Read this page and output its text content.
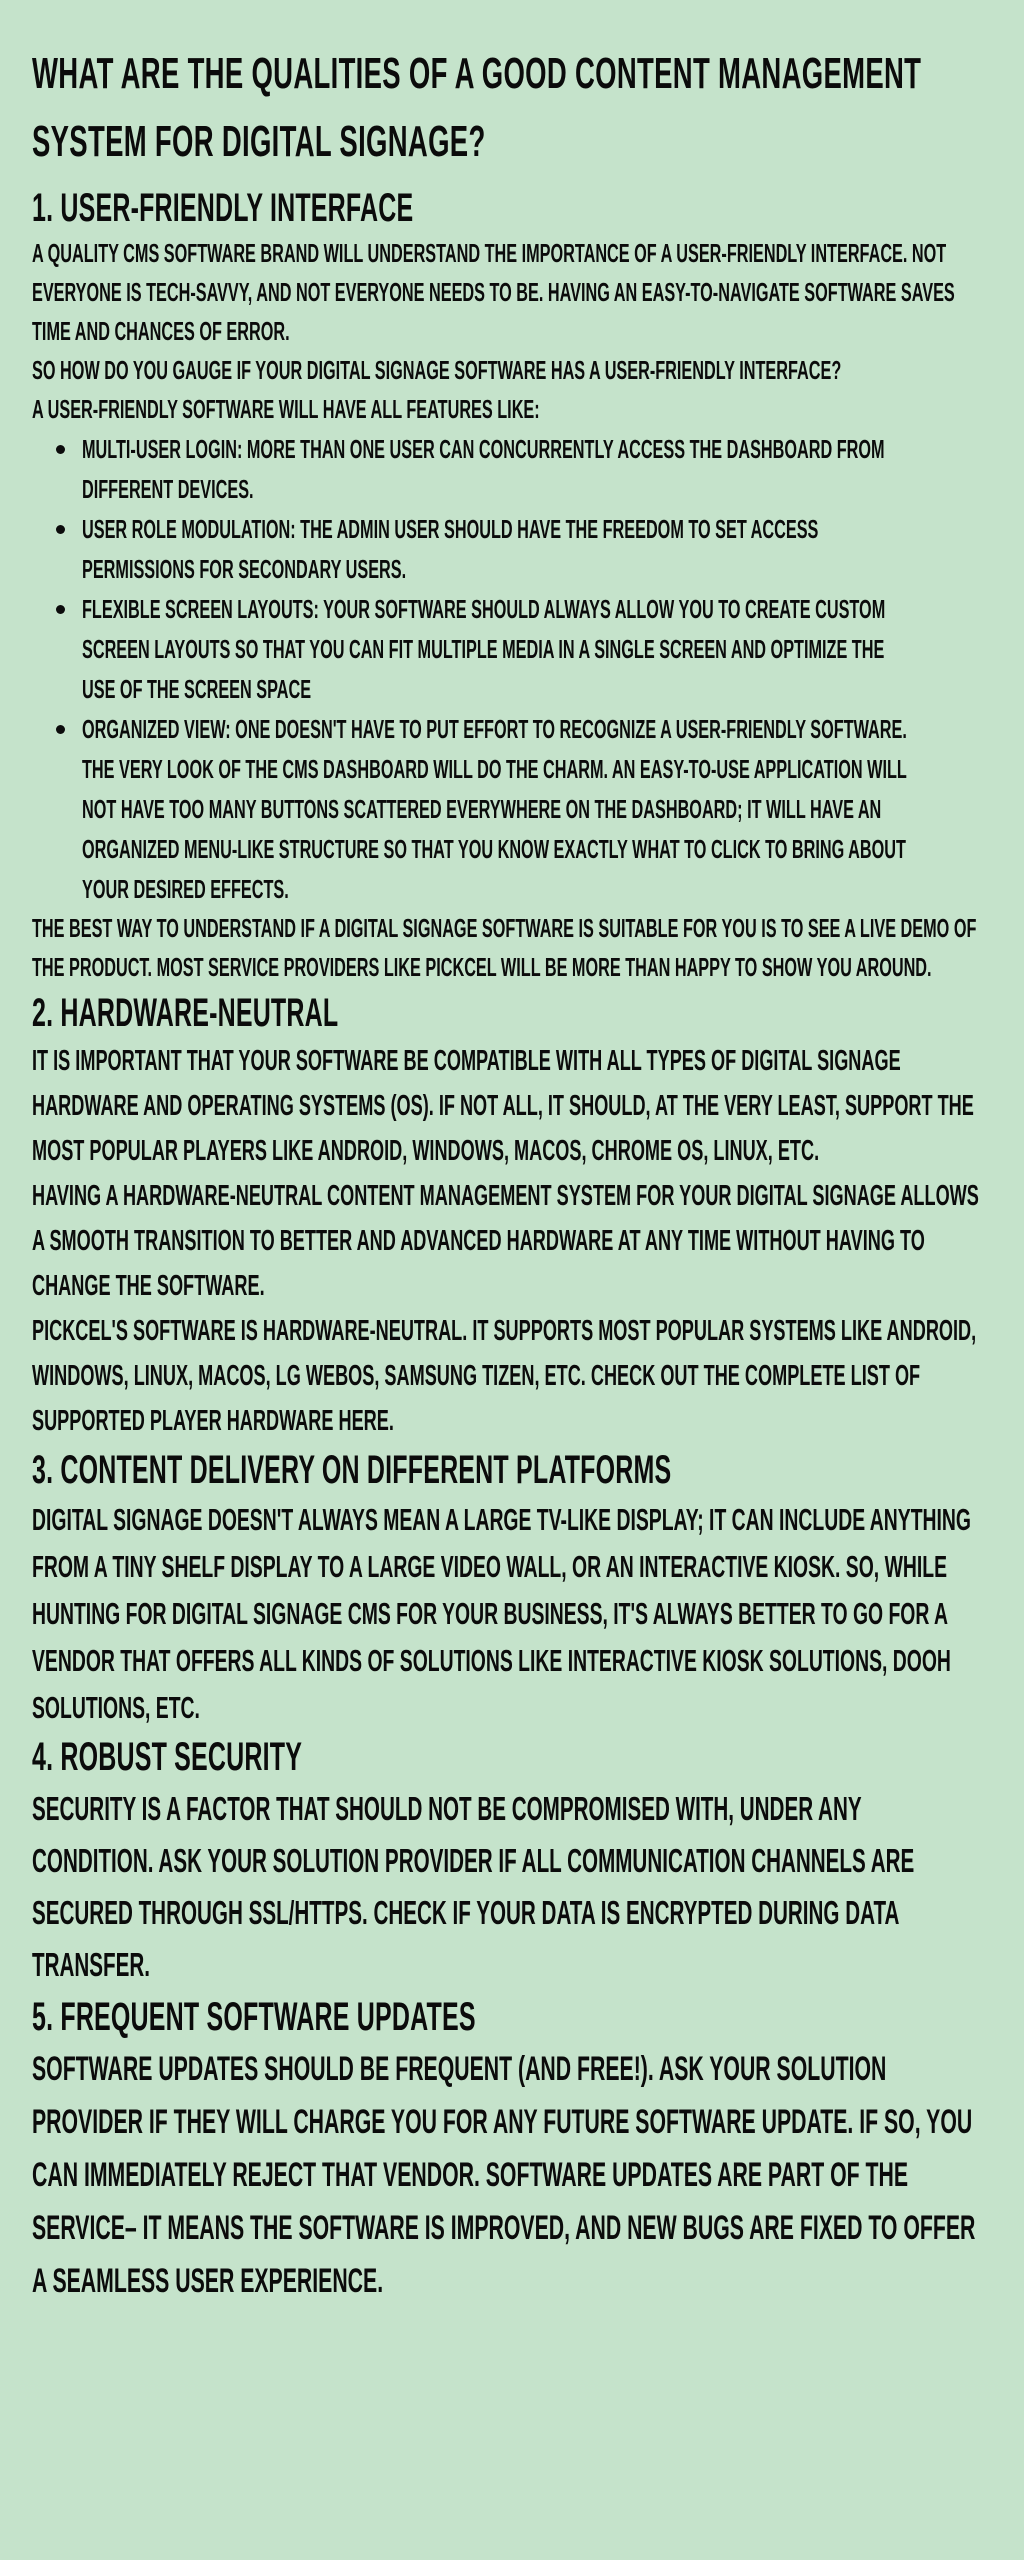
WHAT ARE THE QUALITIES OF A GOOD CONTENT MANAGEMENT SYSTEM FOR DIGITAL SIGNAGE?
1. USER-FRIENDLY INTERFACE

A QUALITY CMS SOFTWARE BRAND WILL UNDERSTAND THE IMPORTANCE OF A USER-FRIENDLY INTERFACE. NOT EVERYONE IS TECH-SAVVY, AND NOT EVERYONE NEEDS TO BE. HAVING AN EASY-TO-NAVIGATE SOFTWARE SAVES TIME AND CHANCES OF ERROR.

SO HOW DO YOU GAUGE IF YOUR DIGITAL SIGNAGE SOFTWARE HAS A USER-FRIENDLY INTERFACE?

A USER-FRIENDLY SOFTWARE WILL HAVE ALL FEATURES LIKE:

MULTI-USER LOGIN: MORE THAN ONE USER CAN CONCURRENTLY ACCESS THE DASHBOARD FROM DIFFERENT DEVICES.
USER ROLE MODULATION: THE ADMIN USER SHOULD HAVE THE FREEDOM TO SET ACCESS PERMISSIONS FOR SECONDARY USERS.
FLEXIBLE SCREEN LAYOUTS: YOUR SOFTWARE SHOULD ALWAYS ALLOW YOU TO CREATE CUSTOM SCREEN LAYOUTS SO THAT YOU CAN FIT MULTIPLE MEDIA IN A SINGLE SCREEN AND OPTIMIZE THE USE OF THE SCREEN SPACE
ORGANIZED VIEW: ONE DOESN'T HAVE TO PUT EFFORT TO RECOGNIZE A USER-FRIENDLY SOFTWARE. THE VERY LOOK OF THE CMS DASHBOARD WILL DO THE CHARM. AN EASY-TO-USE APPLICATION WILL NOT HAVE TOO MANY BUTTONS SCATTERED EVERYWHERE ON THE DASHBOARD; IT WILL HAVE AN ORGANIZED MENU-LIKE STRUCTURE SO THAT YOU KNOW EXACTLY WHAT TO CLICK TO BRING ABOUT YOUR DESIRED EFFECTS.

THE BEST WAY TO UNDERSTAND IF A DIGITAL SIGNAGE SOFTWARE IS SUITABLE FOR YOU IS TO SEE A LIVE DEMO OF THE PRODUCT. MOST SERVICE PROVIDERS LIKE PICKCEL WILL BE MORE THAN HAPPY TO SHOW YOU AROUND.

2. HARDWARE-NEUTRAL

IT IS IMPORTANT THAT YOUR SOFTWARE BE COMPATIBLE WITH ALL TYPES OF DIGITAL SIGNAGE HARDWARE AND OPERATING SYSTEMS (OS). IF NOT ALL, IT SHOULD, AT THE VERY LEAST, SUPPORT THE MOST POPULAR PLAYERS LIKE ANDROID, WINDOWS, MACOS, CHROME OS, LINUX, ETC.

HAVING A HARDWARE-NEUTRAL CONTENT MANAGEMENT SYSTEM FOR YOUR DIGITAL SIGNAGE ALLOWS A SMOOTH TRANSITION TO BETTER AND ADVANCED HARDWARE AT ANY TIME WITHOUT HAVING TO CHANGE THE SOFTWARE.

PICKCEL'S SOFTWARE IS HARDWARE-NEUTRAL. IT SUPPORTS MOST POPULAR SYSTEMS LIKE ANDROID, WINDOWS, LINUX, MACOS, LG WEBOS, SAMSUNG TIZEN, ETC. CHECK OUT THE COMPLETE LIST OF SUPPORTED PLAYER HARDWARE HERE.

3. CONTENT DELIVERY ON DIFFERENT PLATFORMS

DIGITAL SIGNAGE DOESN'T ALWAYS MEAN A LARGE TV-LIKE DISPLAY; IT CAN INCLUDE ANYTHING FROM A TINY SHELF DISPLAY TO A LARGE VIDEO WALL, OR AN INTERACTIVE KIOSK. SO, WHILE HUNTING FOR DIGITAL SIGNAGE CMS FOR YOUR BUSINESS, IT'S ALWAYS BETTER TO GO FOR A VENDOR THAT OFFERS ALL KINDS OF SOLUTIONS LIKE INTERACTIVE KIOSK SOLUTIONS, DOOH SOLUTIONS, ETC.

4. ROBUST SECURITY

SECURITY IS A FACTOR THAT SHOULD NOT BE COMPROMISED WITH, UNDER ANY CONDITION. ASK YOUR SOLUTION PROVIDER IF ALL COMMUNICATION CHANNELS ARE SECURED THROUGH SSL/HTTPS. CHECK IF YOUR DATA IS ENCRYPTED DURING DATA TRANSFER.

5. FREQUENT SOFTWARE UPDATES

SOFTWARE UPDATES SHOULD BE FREQUENT (AND FREE!). ASK YOUR SOLUTION PROVIDER IF THEY WILL CHARGE YOU FOR ANY FUTURE SOFTWARE UPDATE. IF SO, YOU CAN IMMEDIATELY REJECT THAT VENDOR. SOFTWARE UPDATES ARE PART OF THE SERVICE– IT MEANS THE SOFTWARE IS IMPROVED, AND NEW BUGS ARE FIXED TO OFFER A SEAMLESS USER EXPERIENCE.
